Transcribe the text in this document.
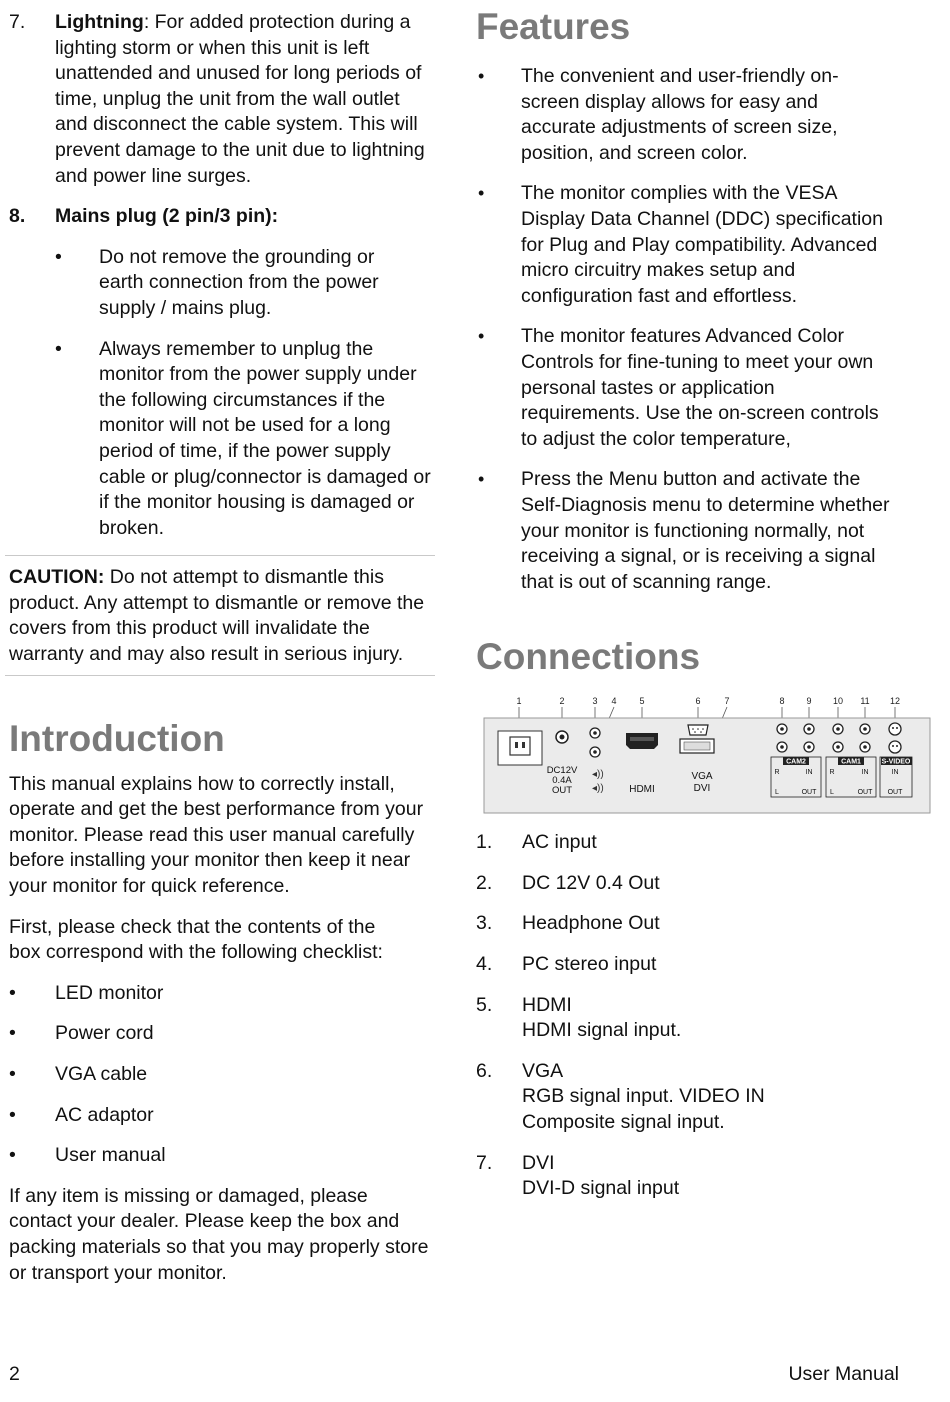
7. Lightning: For added protection during a lighting storm or when this unit is left unattended and unused for long periods of time, unplug the unit from the wall outlet and disconnect the cable system. This will prevent damage to the unit due to lightning and power line surges.

8. Mains plug (2 pin/3 pin):

• Do not remove the grounding or earth connection from the power supply / mains plug.

• Always remember to unplug the monitor from the power supply under the following circumstances if the monitor will not be used for a long period of time, if the power supply cable or plug/connector is damaged or if the monitor housing is damaged or broken.

CAUTION: Do not attempt to dismantle this product. Any attempt to dismantle or remove the covers from this product will invalidate the warranty and may also result in serious injury.

Introduction

This manual explains how to correctly install, operate and get the best performance from your monitor. Please read this user manual carefully before installing your monitor then keep it near your monitor for quick reference.

First, please check that the contents of the box correspond with the following checklist:

• LED monitor
• Power cord
• VGA cable
• AC adaptor
• User manual

If any item is missing or damaged, please contact your dealer. Please keep the box and packing materials so that you may properly store or transport your monitor.

Features
• The convenient and user-friendly on-screen display allows for easy and accurate adjustments of screen size, position, and screen color.

• The monitor complies with the VESA Display Data Channel (DDC) specification for Plug and Play compatibility. Advanced micro circuitry makes setup and configuration fast and effortless.

• The monitor features Advanced Color Controls for fine-tuning to meet your own personal tastes or application requirements. Use the on-screen controls to adjust the color temperature,

• Press the Menu button and activate the Self-Diagnosis menu to determine whether your monitor is functioning normally, not receiving a signal, or is receiving a signal that is out of scanning range.

Connections
1	2	3 4	5	6	7	8 9 10 11 12
DC12V
0.4A
OUT
◂))
◂))	HDMI
VGA
DVI
CAM2	CAM1	S-VIDEO
R	IN
L	OUT
R	IN
L	OUT
IN
OUT
1. AC input

2. DC 12V 0.4 Out

3. Headphone Out

4. PC stereo input

5. HDMI

HDMI signal input.

6. VGA

RGB signal input. VIDEO IN Composite signal input.

7. DVI

DVI-D signal input

2	User Manual
